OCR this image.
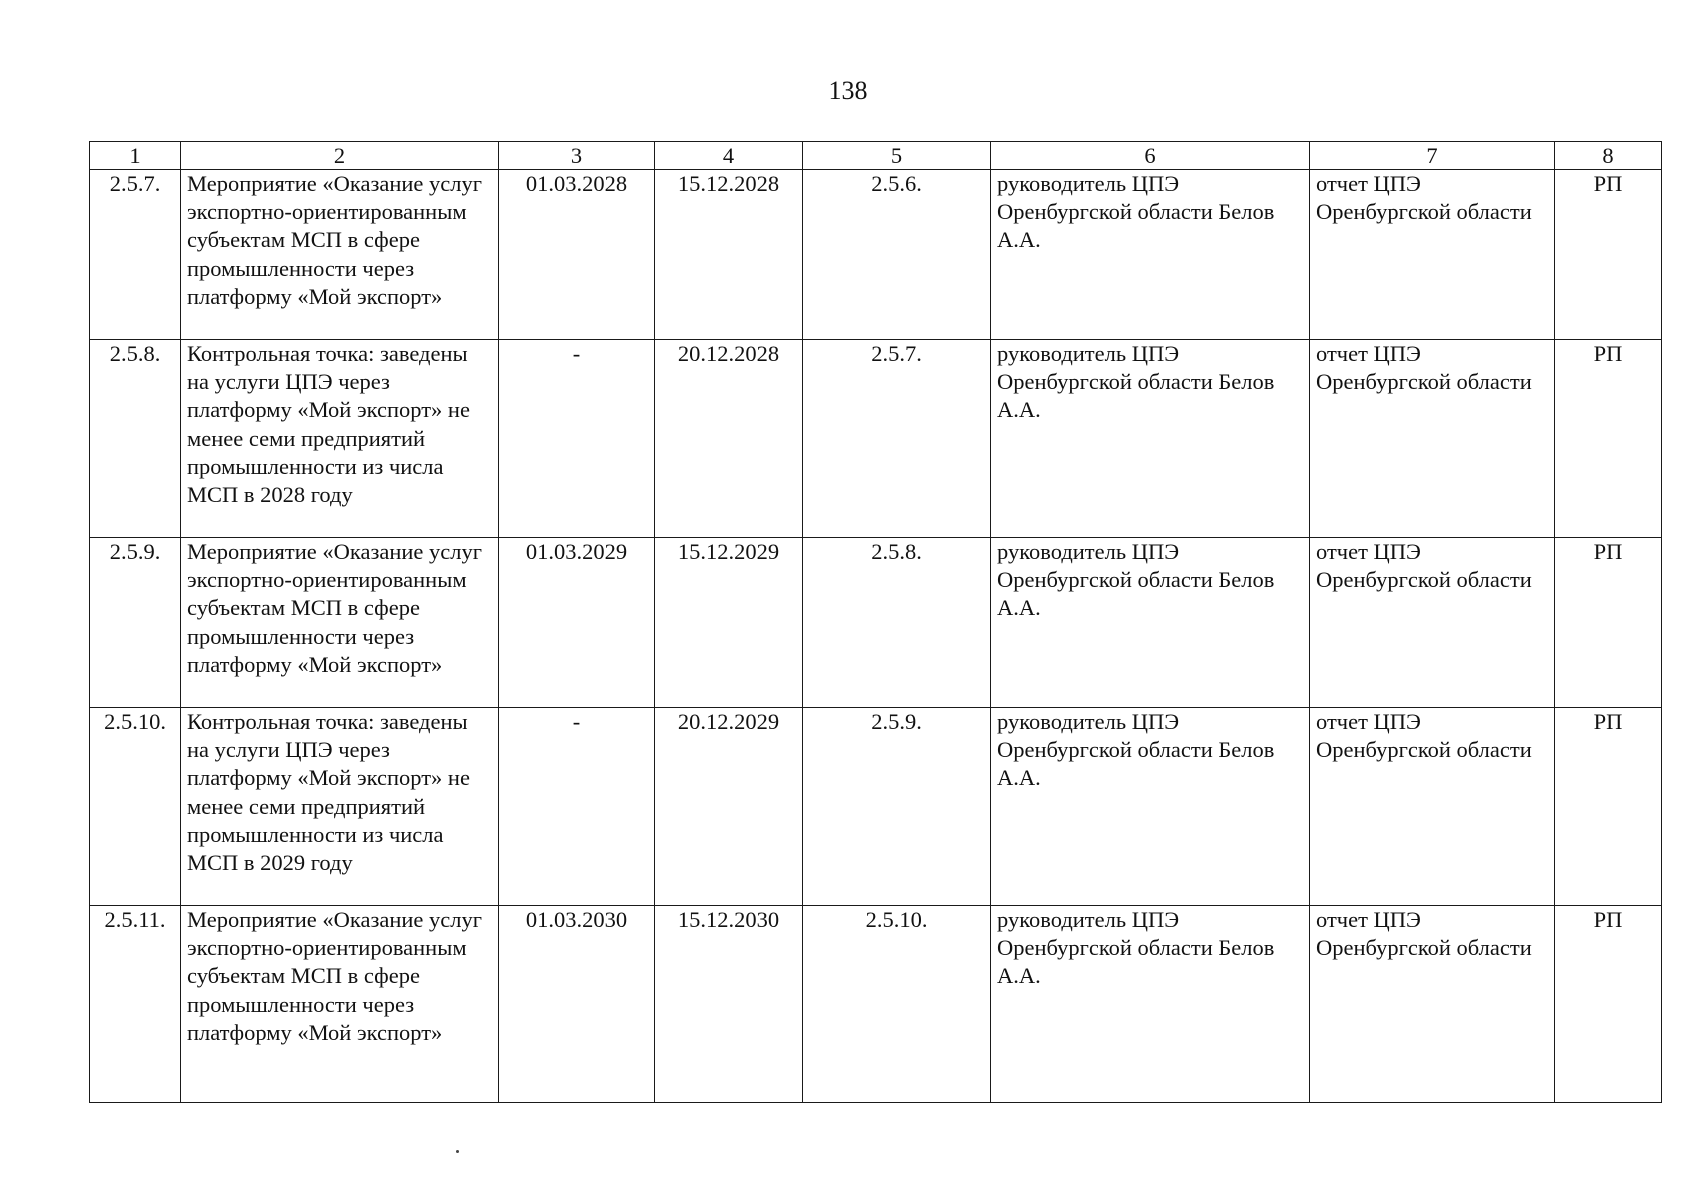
138
1	2	3	4	5	6	7	8
2.5.7.	Мероприятие «Оказание услуг экспортно-ориентированным субъектам МСП в сфере промышленности через платформу «Мой экспорт»	01.03.2028	15.12.2028	2.5.6.	руководитель ЦПЭ Оренбургской области Белов А.А.	отчет ЦПЭ Оренбургской области	РП
2.5.8.	Контрольная точка: заведены на услуги ЦПЭ через платформу «Мой экспорт» не менее семи предприятий промышленности из числа МСП в 2028 году	-	20.12.2028	2.5.7.	руководитель ЦПЭ Оренбургской области Белов А.А.	отчет ЦПЭ Оренбургской области	РП
2.5.9.	Мероприятие «Оказание услуг экспортно-ориентированным субъектам МСП в сфере промышленности через платформу «Мой экспорт»	01.03.2029	15.12.2029	2.5.8.	руководитель ЦПЭ Оренбургской области Белов А.А.	отчет ЦПЭ Оренбургской области	РП
2.5.10.	Контрольная точка: заведены на услуги ЦПЭ через платформу «Мой экспорт» не менее семи предприятий промышленности из числа МСП в 2029 году	-	20.12.2029	2.5.9.	руководитель ЦПЭ Оренбургской области Белов А.А.	отчет ЦПЭ Оренбургской области	РП
2.5.11.	Мероприятие «Оказание услуг экспортно-ориентированным субъектам МСП в сфере промышленности через платформу «Мой экспорт»	01.03.2030	15.12.2030	2.5.10.	руководитель ЦПЭ Оренбургской области Белов А.А.	отчет ЦПЭ Оренбургской области	РП
